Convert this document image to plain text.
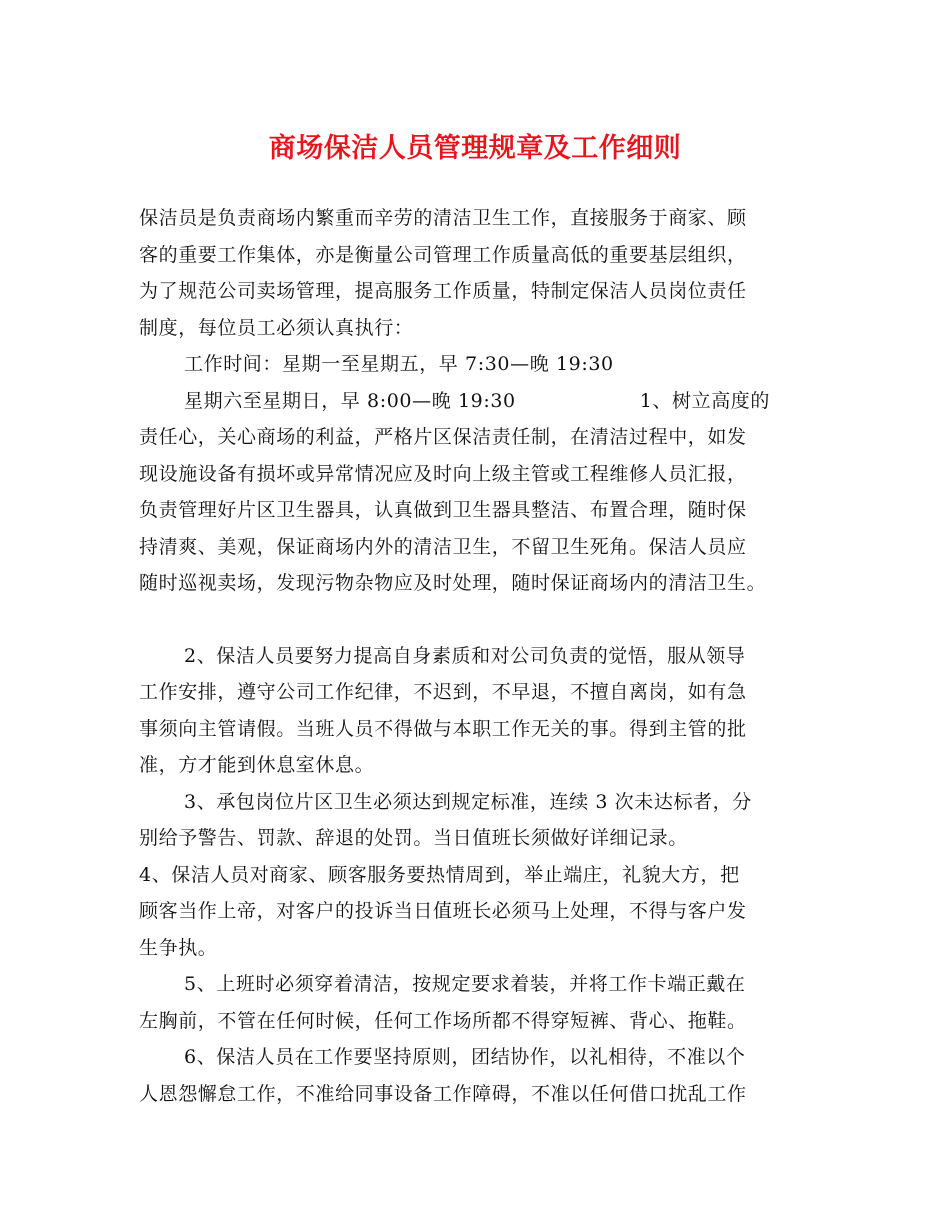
商场保洁人员管理规章及工作细则

保洁员是负责商场内繁重而辛劳的清洁卫生工作，直接服务于商家、顾

客的重要工作集体，亦是衡量公司管理工作质量高低的重要基层组织，

为了规范公司卖场管理，提高服务工作质量，特制定保洁人员岗位责任

制度，每位员工必须认真执行：

工作时间：星期一至星期五，早 7:30—晚 19:30

星期六至星期日，早 8:00—晚 19:30	1、树立高度的

责任心，关心商场的利益，严格片区保洁责任制，在清洁过程中，如发

现设施设备有损坏或异常情况应及时向上级主管或工程维修人员汇报，

负责管理好片区卫生器具，认真做到卫生器具整洁、布置合理，随时保

持清爽、美观，保证商场内外的清洁卫生，不留卫生死角。保洁人员应

随时巡视卖场，发现污物杂物应及时处理，随时保证商场内的清洁卫生。

2、保洁人员要努力提高自身素质和对公司负责的觉悟，服从领导

工作安排，遵守公司工作纪律，不迟到，不早退，不擅自离岗，如有急

事须向主管请假。当班人员不得做与本职工作无关的事。得到主管的批

准，方才能到休息室休息。

3、承包岗位片区卫生必须达到规定标准，连续 3 次未达标者，分

别给予警告、罚款、辞退的处罚。当日值班长须做好详细记录。

4、保洁人员对商家、顾客服务要热情周到，举止端庄，礼貌大方，把

顾客当作上帝，对客户的投诉当日值班长必须马上处理，不得与客户发

生争执。

5、上班时必须穿着清洁，按规定要求着装，并将工作卡端正戴在

左胸前，不管在任何时候，任何工作场所都不得穿短裤、背心、拖鞋。

6、保洁人员在工作要坚持原则，团结协作，以礼相待，不准以个

人恩怨懈怠工作，不准给同事设备工作障碍，不准以任何借口扰乱工作
